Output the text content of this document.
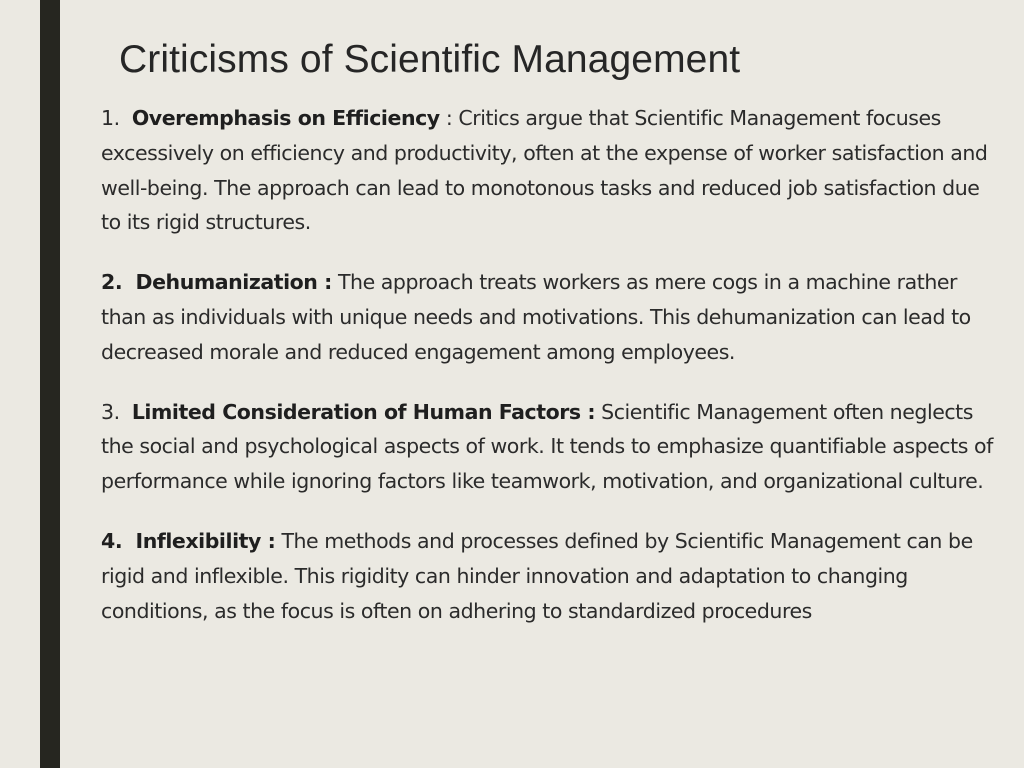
Criticisms of Scientific Management

1. Overemphasis on Efficiency : Critics argue that Scientific Management focuses excessively on efficiency and productivity, often at the expense of worker satisfaction and well-being. The approach can lead to monotonous tasks and reduced job satisfaction due to its rigid structures.

2. Dehumanization : The approach treats workers as mere cogs in a machine rather than as individuals with unique needs and motivations. This dehumanization can lead to decreased morale and reduced engagement among employees.

3. Limited Consideration of Human Factors : Scientific Management often neglects the social and psychological aspects of work. It tends to emphasize quantifiable aspects of performance while ignoring factors like teamwork, motivation, and organizational culture.

4. Inflexibility : The methods and processes defined by Scientific Management can be rigid and inflexible. This rigidity can hinder innovation and adaptation to changing conditions, as the focus is often on adhering to standardized procedures
